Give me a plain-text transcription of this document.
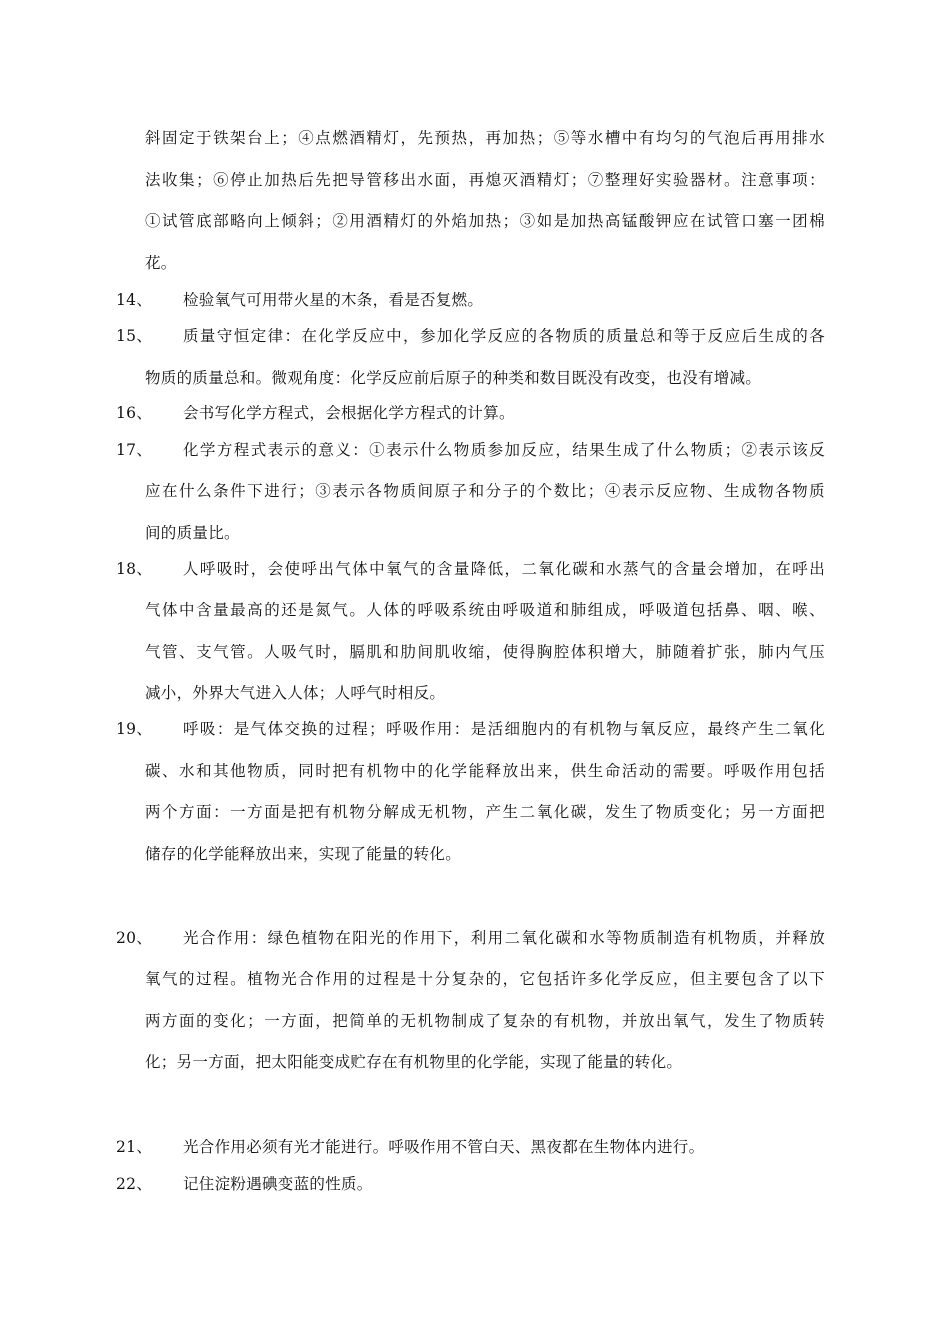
斜固定于铁架台上；④点燃酒精灯，先预热，再加热；⑤等水槽中有均匀的气泡后再用排水
法收集；⑥停止加热后先把导管移出水面，再熄灭酒精灯；⑦整理好实验器材。注意事项：
①试管底部略向上倾斜；②用酒精灯的外焰加热；③如是加热高锰酸钾应在试管口塞一团棉
花。
14、 检验氧气可用带火星的木条，看是否复燃。
15、 质量守恒定律：在化学反应中，参加化学反应的各物质的质量总和等于反应后生成的各
物质的质量总和。微观角度：化学反应前后原子的种类和数目既没有改变，也没有增减。
16、 会书写化学方程式，会根据化学方程式的计算。
17、 化学方程式表示的意义：①表示什么物质参加反应，结果生成了什么物质；②表示该反
应在什么条件下进行；③表示各物质间原子和分子的个数比；④表示反应物、生成物各物质
间的质量比。
18、 人呼吸时，会使呼出气体中氧气的含量降低，二氧化碳和水蒸气的含量会增加，在呼出
气体中含量最高的还是氮气。人体的呼吸系统由呼吸道和肺组成，呼吸道包括鼻、咽、喉、
气管、支气管。人吸气时，膈肌和肋间肌收缩，使得胸腔体积增大，肺随着扩张，肺内气压
减小，外界大气进入人体；人呼气时相反。
19、 呼吸：是气体交换的过程；呼吸作用：是活细胞内的有机物与氧反应，最终产生二氧化
碳、水和其他物质，同时把有机物中的化学能释放出来，供生命活动的需要。呼吸作用包括
两个方面：一方面是把有机物分解成无机物，产生二氧化碳，发生了物质变化；另一方面把
储存的化学能释放出来，实现了能量的转化。
20、 光合作用：绿色植物在阳光的作用下，利用二氧化碳和水等物质制造有机物质，并释放
氧气的过程。植物光合作用的过程是十分复杂的，它包括许多化学反应，但主要包含了以下
两方面的变化；一方面，把简单的无机物制成了复杂的有机物，并放出氧气，发生了物质转
化；另一方面，把太阳能变成贮存在有机物里的化学能，实现了能量的转化。
21、 光合作用必须有光才能进行。呼吸作用不管白天、黑夜都在生物体内进行。
22、 记住淀粉遇碘变蓝的性质。
